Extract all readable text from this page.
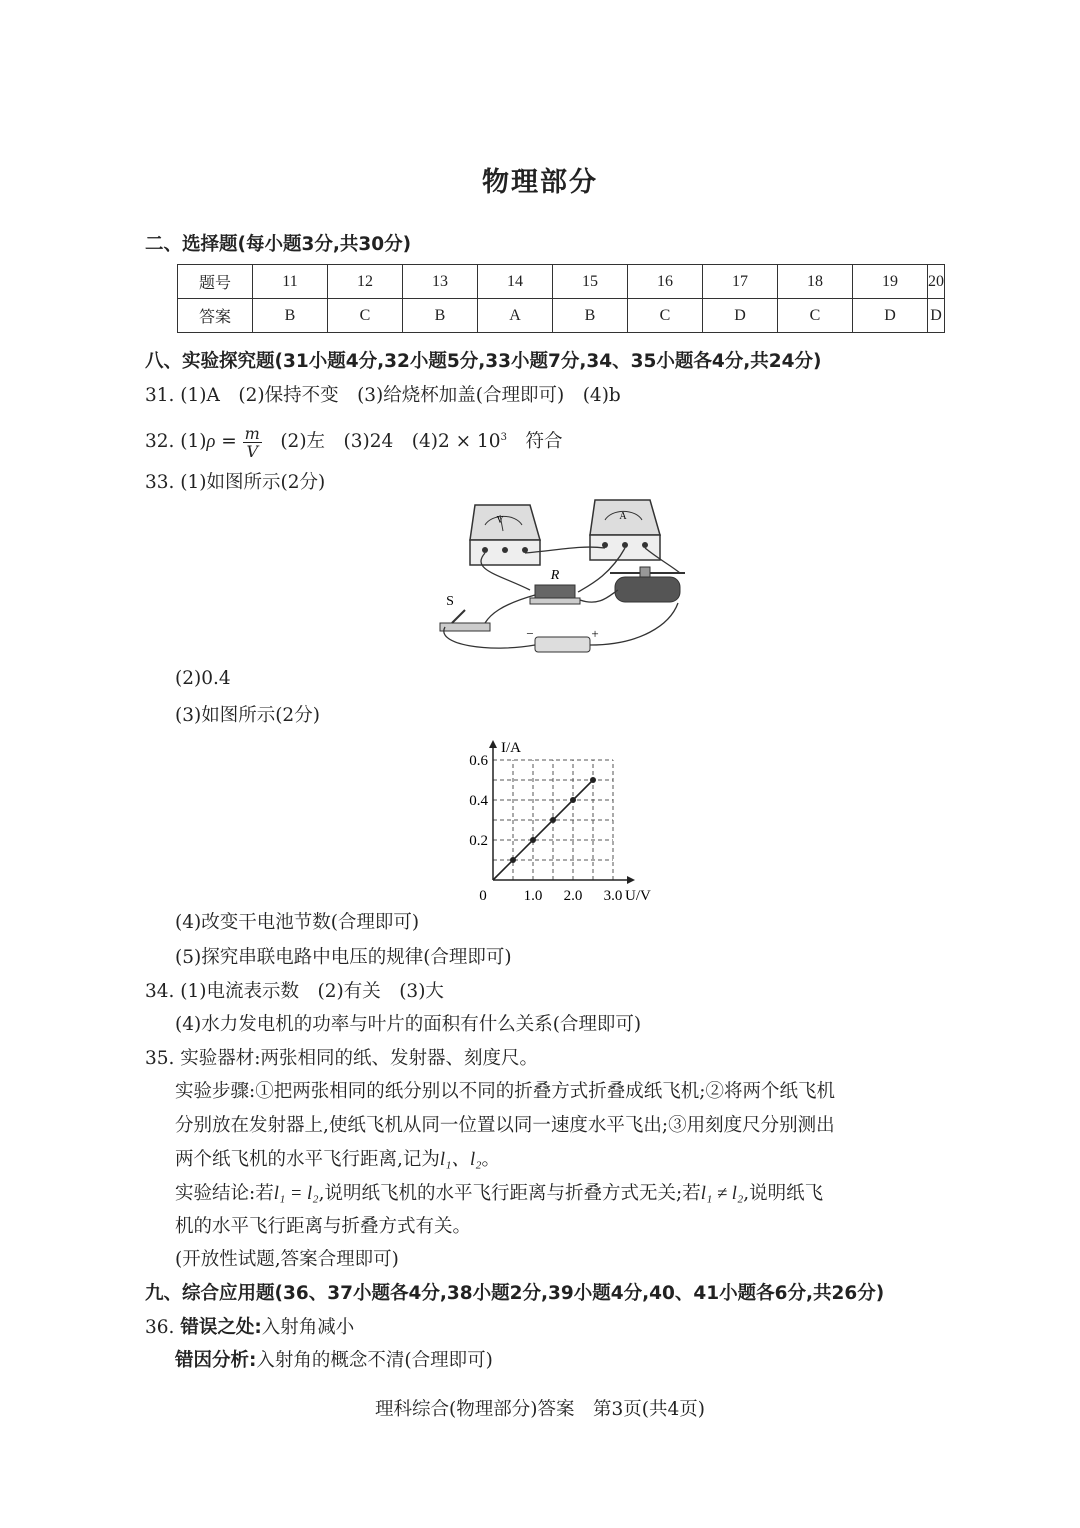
物理部分
二、选择题(每小题3分,共30分)
题号	11	12	13	14	15	16	17	18	19	20
答案	B	C	B	A	B	C	D	C	D	D
八、实验探究题(31小题4分,32小题5分,33小题7分,34、35小题各4分,共24分)
31. (1)A　(2)保持不变　(3)给烧杯加盖(合理即可)　(4)b
32. $(1)\rho = \frac{m}{V}$ 　(2)左　(3)24　$(4)2 \times 10^3$　符合
33. (1)如图所示(2分)
V	A
R
S
−	+
(2)0.4
(3)如图所示(2分)
0 1.0 2.0 3.0
0.2
0.4
0.6
I/A
U/V
(4)改变干电池节数(合理即可)
(5)探究串联电路中电压的规律(合理即可)
34. (1)电流表示数　(2)有关　(3)大
(4)水力发电机的功率与叶片的面积有什么关系(合理即可)
35. 实验器材:两张相同的纸、发射器、刻度尺。
实验步骤:①把两张相同的纸分别以不同的折叠方式折叠成纸飞机;②将两个纸飞机
分别放在发射器上,使纸飞机从同一位置以同一速度水平飞出;③用刻度尺分别测出
两个纸飞机的水平飞行距离,记为l₁、l₂。
实验结论:若l₁ = l₂,说明纸飞机的水平飞行距离与折叠方式无关;若l₁ ≠ l₂,说明纸飞
机的水平飞行距离与折叠方式有关。
(开放性试题,答案合理即可)
九、综合应用题(36、37小题各4分,38小题2分,39小题4分,40、41小题各6分,共26分)
36. 错误之处:入射角减小
错因分析:入射角的概念不清(合理即可)
理科综合(物理部分)答案　第3页(共4页)
